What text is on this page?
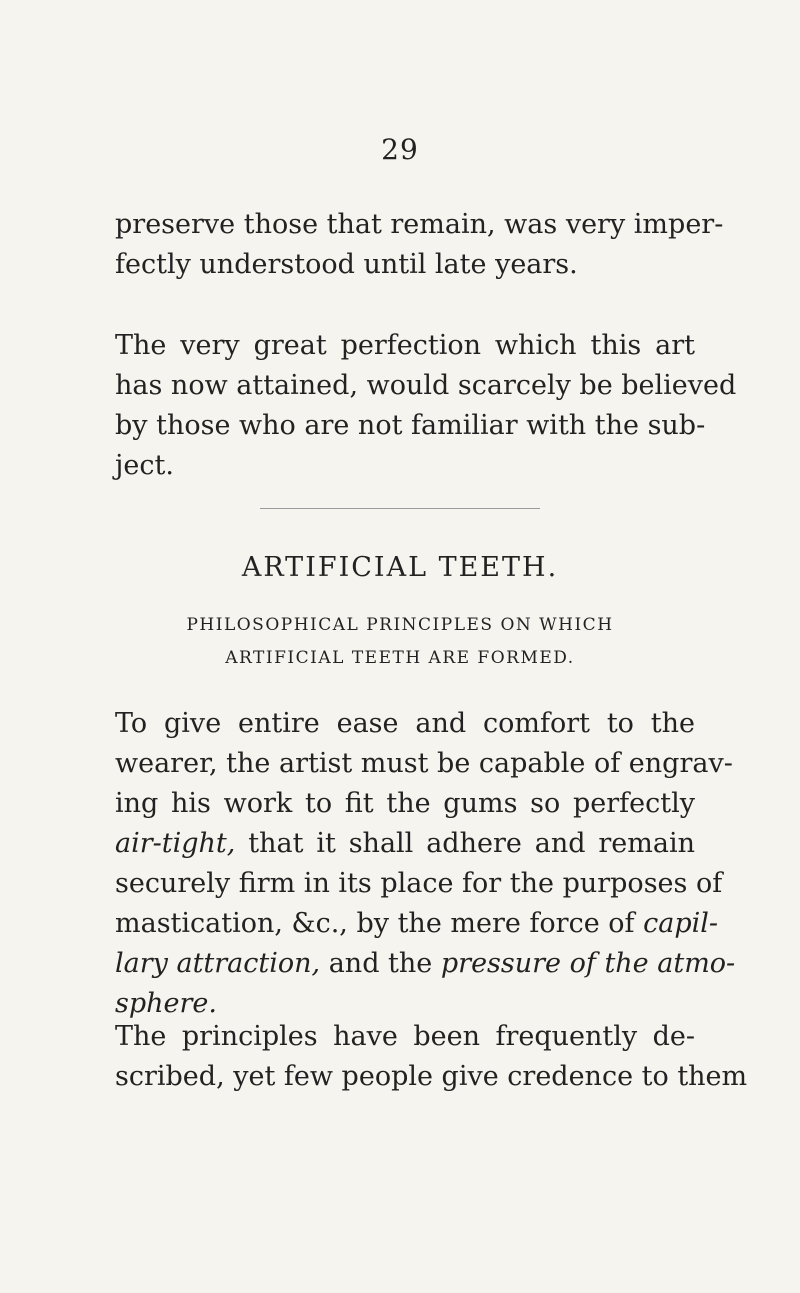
29
preserve those that remain, was very imper-
fectly understood until late years.
The very great perfection which this art
has now attained, would scarcely be believed
by those who are not familiar with the sub-
ject.
ARTIFICIAL TEETH.
PHILOSOPHICAL PRINCIPLES ON WHICH
ARTIFICIAL TEETH ARE FORMED.
To give entire ease and comfort to the
wearer, the artist must be capable of engrav-
ing his work to fit the gums so perfectly
air-tight, that it shall adhere and remain
securely firm in its place for the purposes of
mastication, &c., by the mere force of capil-
lary attraction, and the pressure of the atmo-
sphere.
The principles have been frequently de-
scribed, yet few people give credence to them
